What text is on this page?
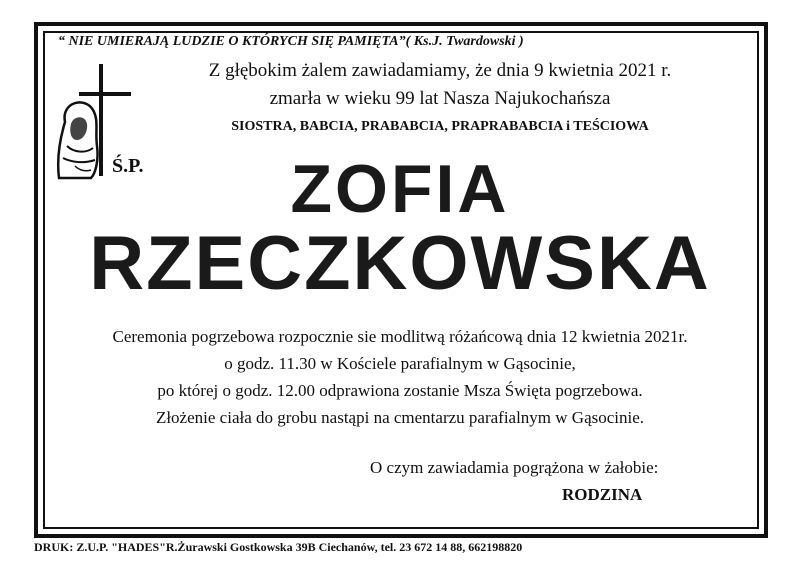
“ NIE UMIERAJĄ LUDZIE O KTÓRYCH SIĘ PAMIĘTA”( Ks.J. Twardowski )
Z głębokim żalem zawiadamiamy, że dnia 9 kwietnia 2021 r.
zmarła w wieku 99 lat Nasza Najukochańsza
SIOSTRA, BABCIA, PRABABCIA, PRAPRABABCIA i TEŚCIOWA
Ś.P.	ZOFIA
RZECZKOWSKA
Ceremonia pogrzebowa rozpocznie sie modlitwą różańcową dnia 12 kwietnia 2021r.
o godz. 11.30 w Kościele parafialnym w Gąsocinie,
po której o godz. 12.00 odprawiona zostanie Msza Święta pogrzebowa.
Złożenie ciała do grobu nastąpi na cmentarzu parafialnym w Gąsocinie.
O czym zawiadamia pogrążona w żałobie:
RODZINA
DRUK: Z.U.P. "HADES"R.Żurawski Gostkowska 39B Ciechanów, tel. 23 672 14 88, 662198820
